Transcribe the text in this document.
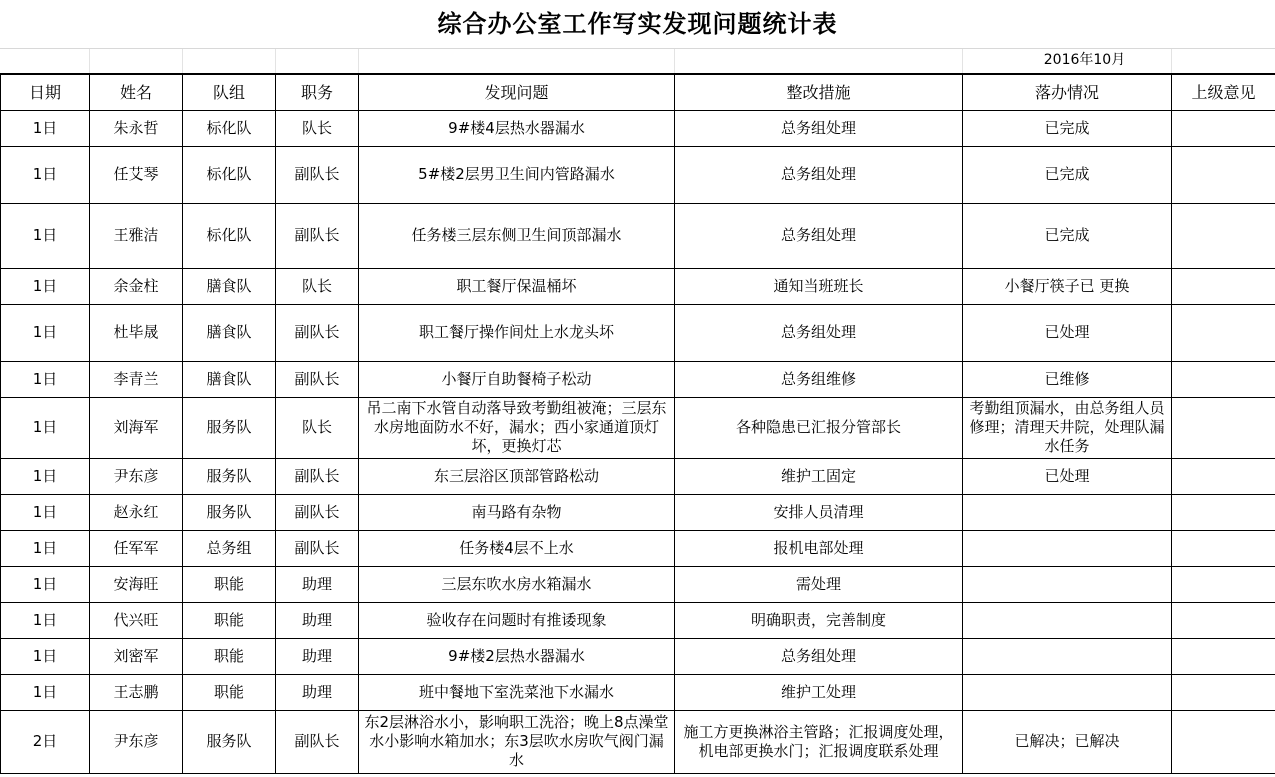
综合办公室工作写实发现问题统计表
						2016年10月	
日期	姓名	队组	职务	发现问题	整改措施	落办情况	上级意见
1日	朱永哲	标化队	队长	9#楼4层热水器漏水	总务组处理	已完成	
1日	任艾琴	标化队	副队长	5#楼2层男卫生间内管路漏水	总务组处理	已完成	
1日	王雅洁	标化队	副队长	任务楼三层东侧卫生间顶部漏水	总务组处理	已完成	
1日	余金柱	膳食队	队长	职工餐厅保温桶坏	通知当班班长	小餐厅筷子已 更换	
1日	杜毕晟	膳食队	副队长	职工餐厅操作间灶上水龙头坏	总务组处理	已处理	
1日	李青兰	膳食队	副队长	小餐厅自助餐椅子松动	总务组维修	已维修	
1日	刘海军	服务队	队长	吊二南下水管自动落导致考勤组被淹；三层东水房地面防水不好，漏水；西小家通道顶灯坏，更换灯芯	各种隐患已汇报分管部长	考勤组顶漏水，由总务组人员修理；清理天井院，处理队漏水任务	
1日	尹东彦	服务队	副队长	东三层浴区顶部管路松动	维护工固定	已处理	
1日	赵永红	服务队	副队长	南马路有杂物	安排人员清理		
1日	任军军	总务组	副队长	任务楼4层不上水	报机电部处理		
1日	安海旺	职能	助理	三层东吹水房水箱漏水	需处理		
1日	代兴旺	职能	助理	验收存在问题时有推诿现象	明确职责，完善制度		
1日	刘密军	职能	助理	9#楼2层热水器漏水	总务组处理		
1日	王志鹏	职能	助理	班中餐地下室洗菜池下水漏水	维护工处理		
2日	尹东彦	服务队	副队长	东2层淋浴水小，影响职工洗浴；晚上8点澡堂水小影响水箱加水；东3层吹水房吹气阀门漏水	施工方更换淋浴主管路；汇报调度处理，机电部更换水门；汇报调度联系处理	已解决；已解决	
